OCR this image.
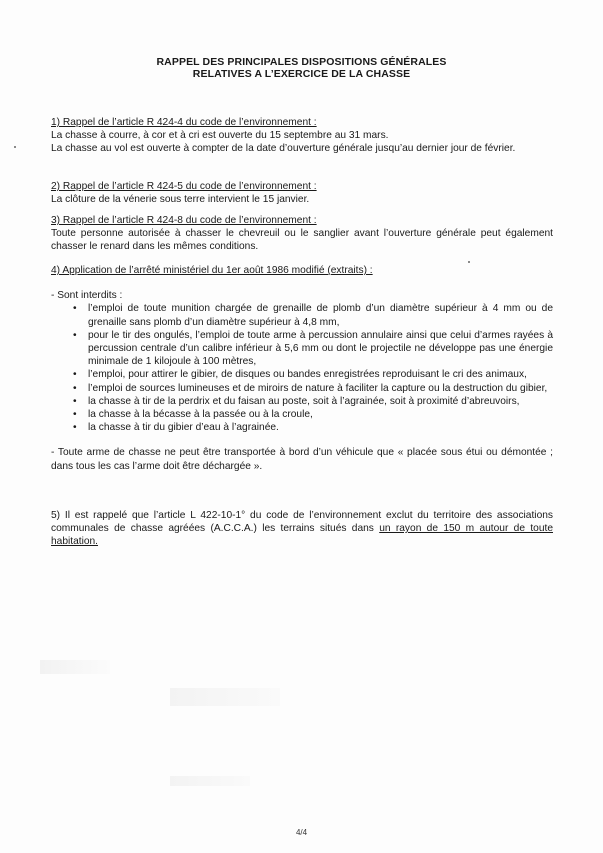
RAPPEL DES PRINCIPALES DISPOSITIONS GÉNÉRALES
RELATIVES A L’EXERCICE DE LA CHASSE
1) Rappel de l’article R 424-4 du code de l’environnement :
La chasse à courre, à cor et à cri est ouverte du 15 septembre au 31 mars.
La chasse au vol est ouverte à compter de la date d’ouverture générale jusqu’au dernier jour de février.
2) Rappel de l’article R 424-5 du code de l’environnement :
La clôture de la vénerie sous terre intervient le 15 janvier.
3) Rappel de l’article R 424-8 du code de l’environnement :
Toute personne autorisée à chasser le chevreuil ou le sanglier avant l’ouverture générale peut également chasser le renard dans les mêmes conditions.
4) Application de l’arrêté ministériel du 1er août 1986 modifié (extraits) :
- Sont interdits :
• l’emploi de toute munition chargée de grenaille de plomb d’un diamètre supérieur à 4 mm ou de grenaille sans plomb d’un diamètre supérieur à 4,8 mm,
• pour le tir des ongulés, l’emploi de toute arme à percussion annulaire ainsi que celui d’armes rayées à percussion centrale d’un calibre inférieur à 5,6 mm ou dont le projectile ne développe pas une énergie minimale de 1 kilojoule à 100 mètres,
• l’emploi, pour attirer le gibier, de disques ou bandes enregistrées reproduisant le cri des animaux,
• l’emploi de sources lumineuses et de miroirs de nature à faciliter la capture ou la destruction du gibier,
• la chasse à tir de la perdrix et du faisan au poste, soit à l’agrainée, soit à proximité d’abreuvoirs,
• la chasse à la bécasse à la passée ou à la croule,
• la chasse à tir du gibier d’eau à l’agrainée.
- Toute arme de chasse ne peut être transportée à bord d’un véhicule que « placée sous étui ou démontée ; dans tous les cas l’arme doit être déchargée ».
5) Il est rappelé que l’article L 422-10-1° du code de l’environnement exclut du territoire des associations communales de chasse agréées (A.C.C.A.) les terrains situés dans un rayon de 150 m autour de toute habitation.
4/4
